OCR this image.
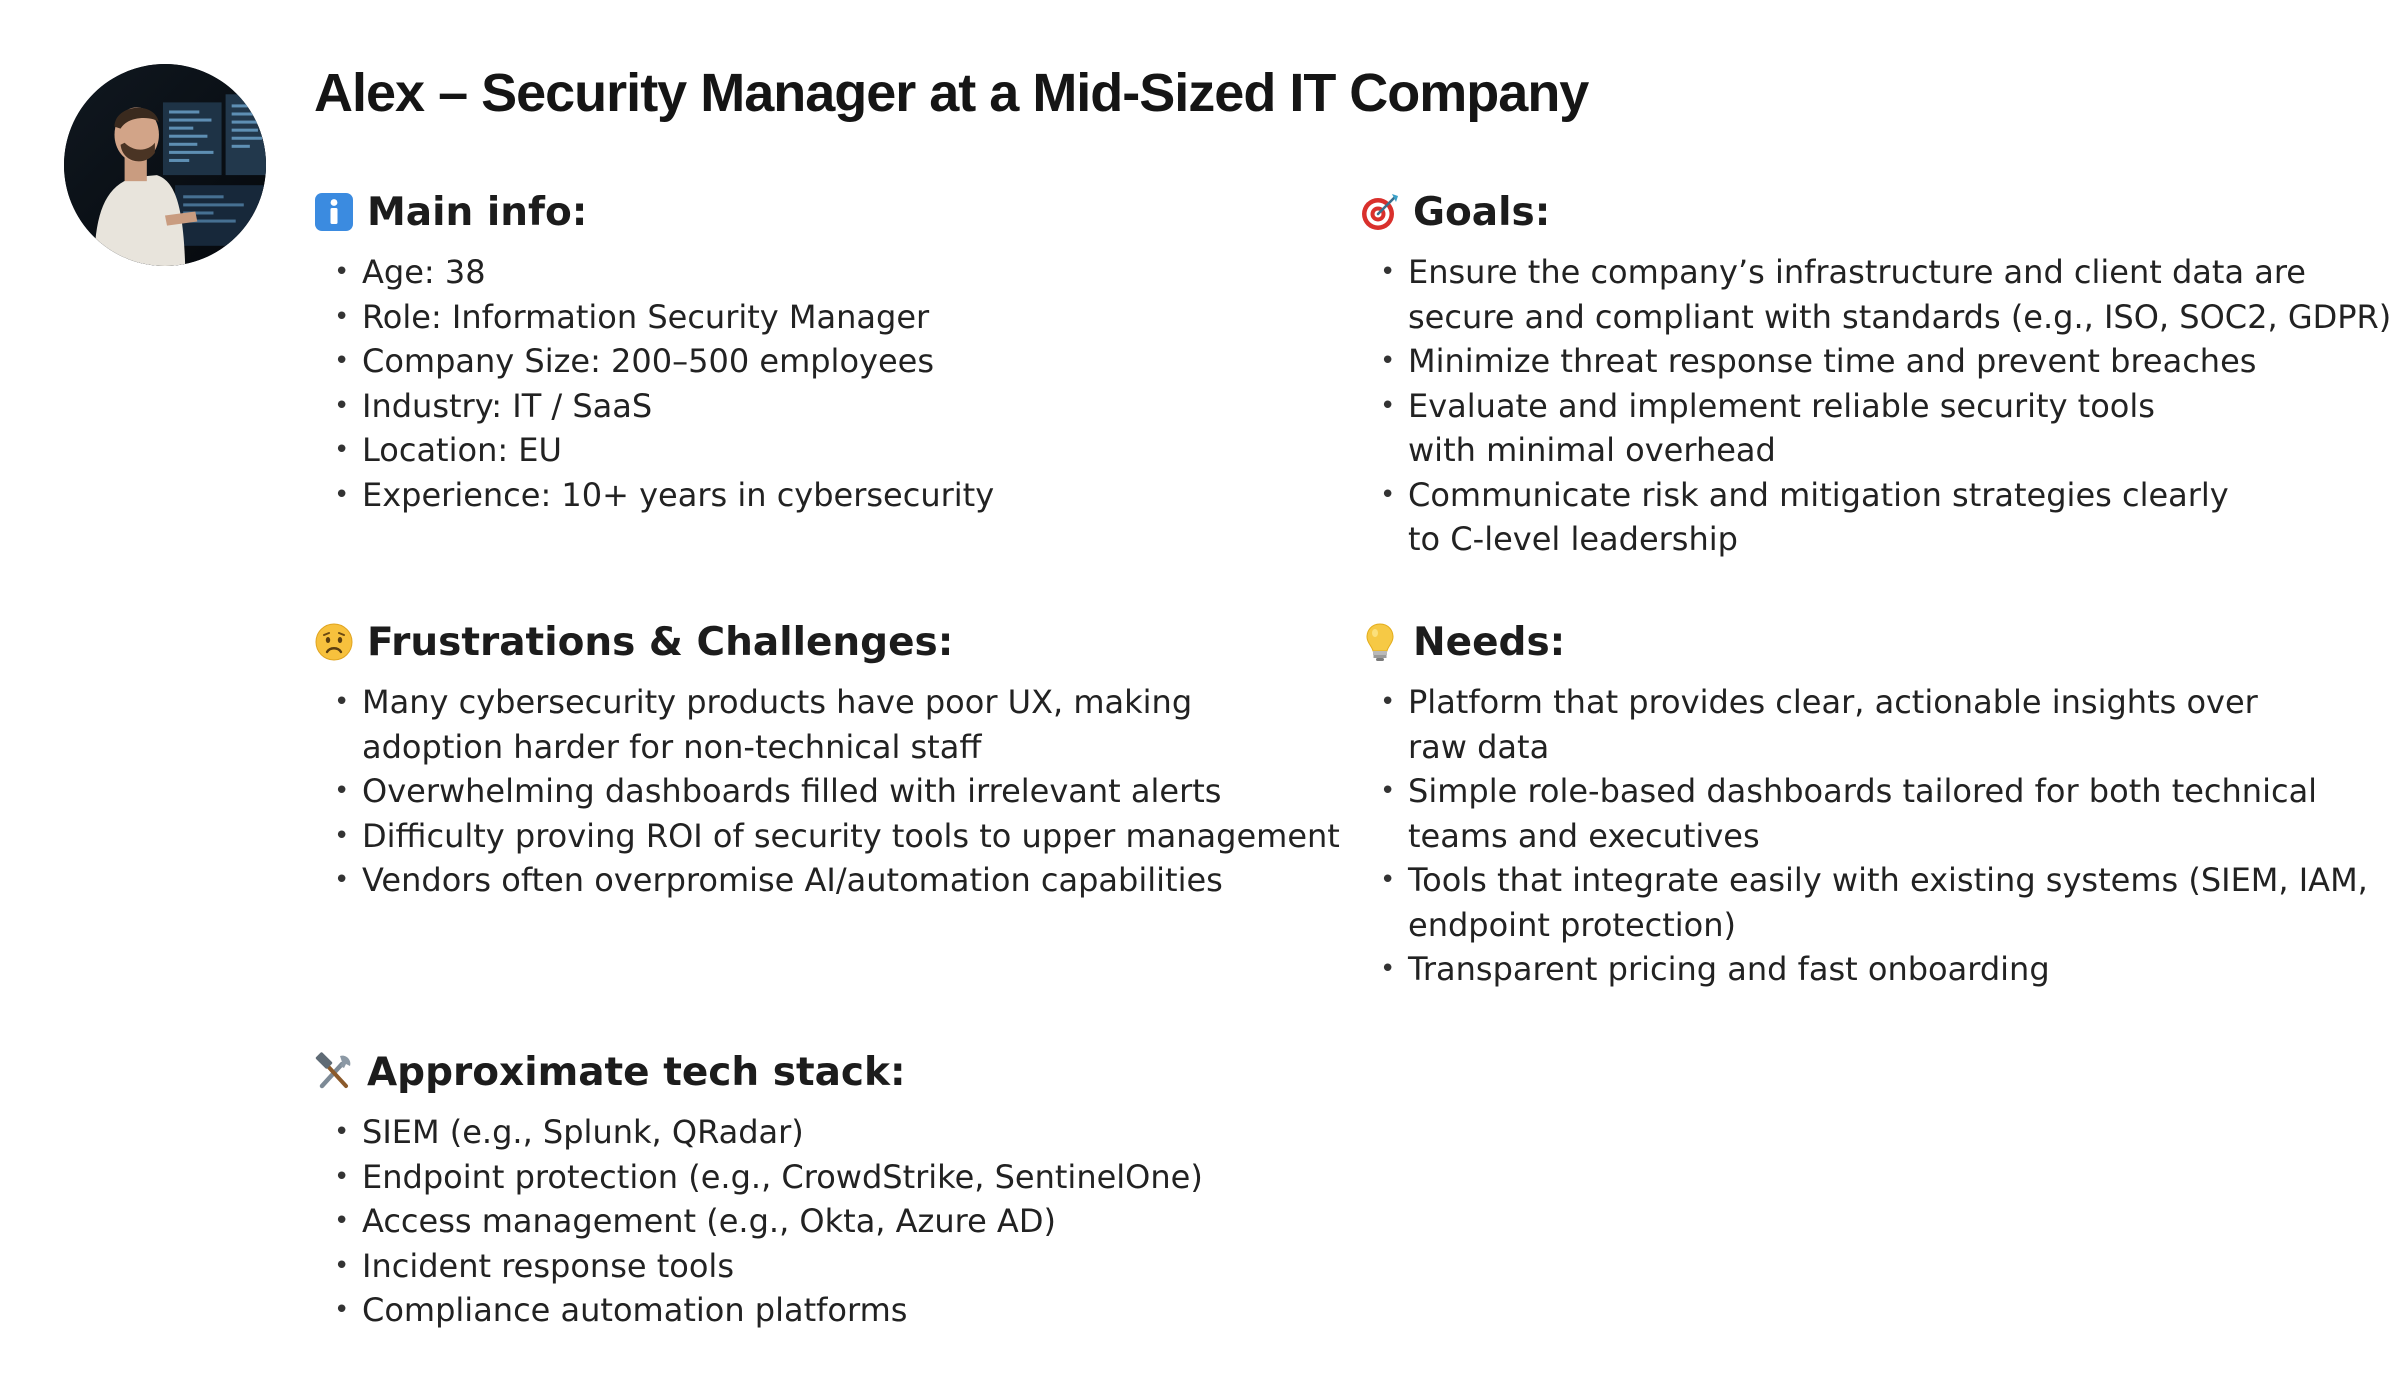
Alex – Security Manager at a Mid-Sized IT Company
Main info:
• Age: 38
• Role: Information Security Manager
• Company Size: 200–500 employees
• Industry: IT / SaaS
• Location: EU
• Experience: 10+ years in cybersecurity
Goals:
• Ensure the company’s infrastructure and client data are
secure and compliant with standards (e.g., ISO, SOC2, GDPR)
• Minimize threat response time and prevent breaches
• Evaluate and implement reliable security tools
with minimal overhead
• Communicate risk and mitigation strategies clearly
to C-level leadership
Frustrations & Challenges:
• Many cybersecurity products have poor UX, making
adoption harder for non-technical staff
• Overwhelming dashboards filled with irrelevant alerts
• Difficulty proving ROI of security tools to upper management
• Vendors often overpromise AI/automation capabilities
Needs:
• Platform that provides clear, actionable insights over
raw data
• Simple role-based dashboards tailored for both technical
teams and executives
• Tools that integrate easily with existing systems (SIEM, IAM,
endpoint protection)
• Transparent pricing and fast onboarding
Approximate tech stack:
• SIEM (e.g., Splunk, QRadar)
• Endpoint protection (e.g., CrowdStrike, SentinelOne)
• Access management (e.g., Okta, Azure AD)
• Incident response tools
• Compliance automation platforms
